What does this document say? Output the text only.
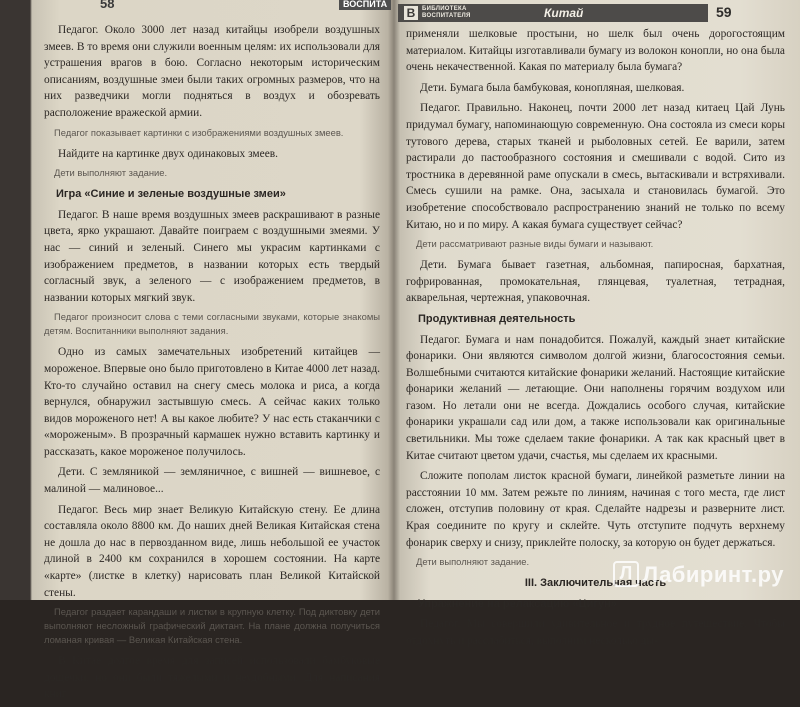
58	ВОСПИТА

Педагог. Около 3000 лет назад китайцы изобрели воздушных змеев. В то время они служили военным целям: их использовали для устрашения врагов в бою. Согласно некоторым историческим описаниям, воздушные змеи были таких огромных размеров, что на них разведчики могли подняться в воздух и обозревать расположение вражеской армии.

Педагог показывает картинки с изображениями воздушных змеев.

Найдите на картинке двух одинаковых змеев.

Дети выполняют задание.

Игра «Синие и зеленые воздушные змеи»

Педагог. В наше время воздушных змеев раскрашивают в разные цвета, ярко украшают. Давайте поиграем с воздушными змеями. У нас — синий и зеленый. Синего мы украсим картинками с изображением предметов, в названии которых есть твердый согласный звук, а зеленого — с изображением предметов, в названии которых мягкий звук.

Педагог произносит слова с теми согласными звуками, которые знакомы детям. Воспитанники выполняют задания.

Одно из самых замечательных изобретений китайцев — мороженое. Впервые оно было приготовлено в Китае 4000 лет назад. Кто-то случайно оставил на снегу смесь молока и риса, а когда вернулся, обнаружил застывшую смесь. А сейчас каких только видов мороженого нет! А вы какое любите? У нас есть стаканчики с «мороженым». В прозрачный кармашек нужно вставить картинку и рассказать, какое мороженое получилось.

Дети. С земляникой — земляничное, с вишней — вишневое, с малиной — малиновое...

Педагог. Весь мир знает Великую Китайскую стену. Ее длина составляла около 8800 км. До наших дней Великая Китайская стена не дошла до нас в первозданном виде, лишь небольшой ее участок длиной в 2400 км сохранился в хорошем состоянии. На карте «карте» (листке в клетку) нарисовать план Великой Китайской стены.

Педагог раздает карандаши и листки в крупную клетку. Под диктовку дети выполняют несложный графический диктант. На плане должна получиться ломаная кривая — Великая Китайская стена.

В Китае долгое время для записей использовали бамбуковые дощечки, но они были тяжелыми и неудобными. Для написания книг

В	БИБЛИОТЕКА ВОСПИТАТЕЛЯ	Китай	59

применяли шелковые простыни, но шелк был очень дорогостоящим материалом. Китайцы изготавливали бумагу из волокон конопли, но она была очень некачественной. Какая по материалу была бумага?

Дети. Бумага была бамбуковая, конопляная, шелковая.

Педагог. Правильно. Наконец, почти 2000 лет назад китаец Цай Лунь придумал бумагу, напоминающую современную. Она состояла из смеси коры тутового дерева, старых тканей и рыболовных сетей. Ее варили, затем растирали до пастообразного состояния и смешивали с водой. Сито из тростника в деревянной раме опускали в смесь, вытаскивали и встряхивали. Смесь сушили на рамке. Она, засыхала и становилась бумагой. Это изобретение способствовало распространению знаний не только по всему Китаю, но и по миру. А какая бумага существует сейчас?

Дети рассматривают разные виды бумаги и называют.

Дети. Бумага бывает газетная, альбомная, папиросная, бархатная, гофрированная, промокательная, глянцевая, туалетная, тетрадная, акварельная, чертежная, упаковочная.

Продуктивная деятельность

Педагог. Бумага и нам понадобится. Пожалуй, каждый знает китайские фонарики. Они являются символом долгой жизни, благосостояния семьи. Волшебными считаются китайские фонарики желаний. Настоящие китайские фонарики желаний — летающие. Они наполнены горячим воздухом или газом. Но летали они не всегда. Дождались особого случая, китайские фонарики украшали сад или дом, а также использовали как оригинальные светильники. Мы тоже сделаем такие фонарики. А так как красный цвет в Китае считают цветом удачи, счастья, мы сделаем их красными.

Сложите пополам листок красной бумаги, линейкой разметьте линии на расстоянии 10 мм. Затем режьте по линиям, начиная с того места, где лист сложен, отступив половину от края. Сделайте надрезы и разверните лист. Края соедините по кругу и склейте. Чуть отступите подчуть верхнему фонарик сверху и снизу, приклейте полоску, за которую он будет держаться.

Дети выполняют задание.

III. Заключительная часть

Упражнение на релаксацию «Цигун»

Педагог. Мы совершили удивительное и трудное путешествие. Чтобы отдохнуть и расслабиться, выполним несколько ды-

ЛЛабиринт.ру
